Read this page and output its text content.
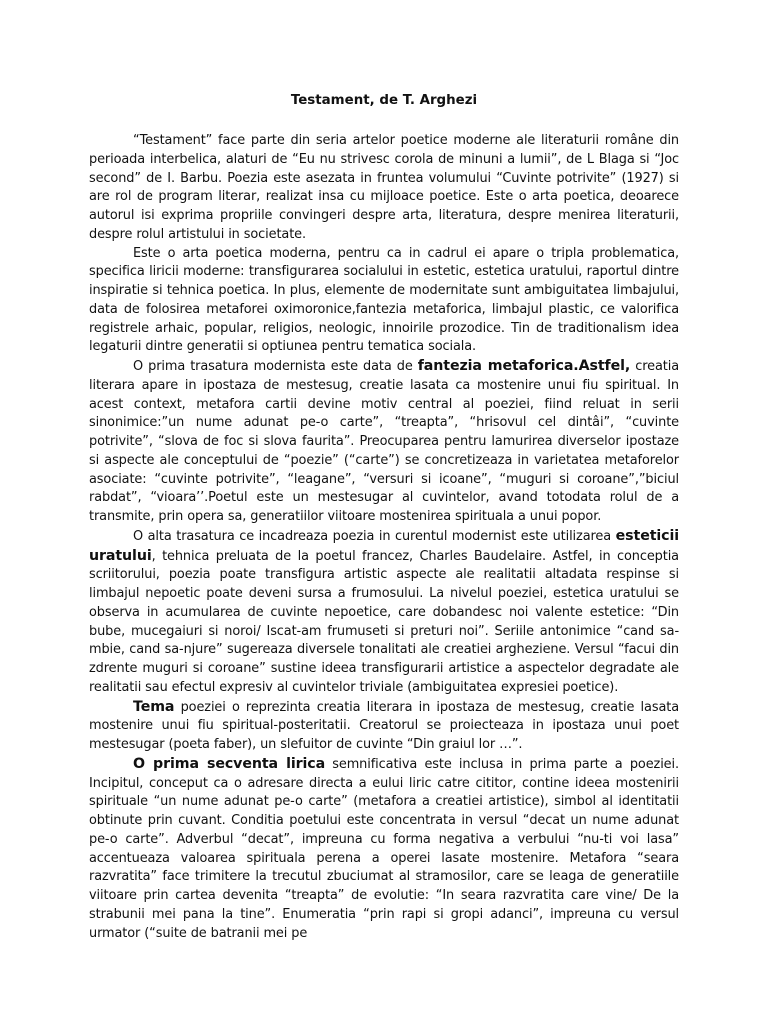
Testament, de T. Arghezi

“Testament” face parte din seria artelor poetice moderne ale literaturii române din perioada interbelica, alaturi de “Eu nu strivesc corola de minuni a lumii”, de L Blaga si “Joc second” de I. Barbu. Poezia este asezata in fruntea volumului “Cuvinte potrivite” (1927) si are rol de program literar, realizat insa cu mijloace poetice. Este o arta poetica, deoarece autorul isi exprima propriile convingeri despre arta, literatura, despre menirea literaturii, despre rolul artistului in societate.

Este o arta poetica moderna, pentru ca in cadrul ei apare o tripla problematica, specifica liricii moderne: transfigurarea socialului in estetic, estetica uratului, raportul dintre inspiratie si tehnica poetica. In plus, elemente de modernitate sunt ambiguitatea limbajului, data de folosirea metaforei oximoronice,fantezia metaforica, limbajul plastic, ce valorifica registrele arhaic, popular, religios, neologic, innoirile prozodice. Tin de traditionalism idea legaturii dintre generatii si optiunea pentru tematica sociala.

O prima trasatura modernista este data de fantezia metaforica.Astfel, creatia literara apare in ipostaza de mestesug, creatie lasata ca mostenire unui fiu spiritual. In acest context, metafora cartii devine motiv central al poeziei, fiind reluat in serii sinonimice:”un nume adunat pe-o carte”, “treapta”, “hrisovul cel dintâi”, “cuvinte potrivite”, “slova de foc si slova faurita”. Preocuparea pentru lamurirea diverselor ipostaze si aspecte ale conceptului de “poezie” (“carte”) se concretizeaza in varietatea metaforelor asociate: “cuvinte potrivite”, “leagane”, “versuri si icoane”, “muguri si coroane”,”biciul rabdat”, “vioara’’.Poetul este un mestesugar al cuvintelor, avand totodata rolul de a transmite, prin opera sa, generatiilor viitoare mostenirea spirituala a unui popor.

O alta trasatura ce incadreaza poezia in curentul modernist este utilizarea esteticii uratului, tehnica preluata de la poetul francez, Charles Baudelaire. Astfel, in conceptia scriitorului, poezia poate transfigura artistic aspecte ale realitatii altadata respinse si limbajul nepoetic poate deveni sursa a frumosului. La nivelul poeziei, estetica uratului se observa in acumularea de cuvinte nepoetice, care dobandesc noi valente estetice: “Din bube, mucegaiuri si noroi/ Iscat-am frumuseti si preturi noi”. Seriile antonimice “cand sa-mbie, cand sa-njure” sugereaza diversele tonalitati ale creatiei argheziene. Versul “facui din zdrente muguri si coroane” sustine ideea transfigurarii artistice a aspectelor degradate ale realitatii sau efectul expresiv al cuvintelor triviale (ambiguitatea expresiei poetice).

Tema poeziei o reprezinta creatia literara in ipostaza de mestesug, creatie lasata mostenire unui fiu spiritual-posteritatii. Creatorul se proiecteaza in ipostaza unui poet mestesugar (poeta faber), un slefuitor de cuvinte “Din graiul lor …”.

O prima secventa lirica semnificativa este inclusa in prima parte a poeziei. Incipitul, conceput ca o adresare directa a eului liric catre cititor, contine ideea mostenirii spirituale “un nume adunat pe-o carte” (metafora a creatiei artistice), simbol al identitatii obtinute prin cuvant. Conditia poetului este concentrata in versul “decat un nume adunat pe-o carte”. Adverbul “decat”, impreuna cu forma negativa a verbului “nu-ti voi lasa” accentueaza valoarea spirituala perena a operei lasate mostenire. Metafora “seara razvratita” face trimitere la trecutul zbuciumat al stramosilor, care se leaga de generatiile viitoare prin cartea devenita “treapta” de evolutie: “In seara razvratita care vine/ De la strabunii mei pana la tine”. Enumeratia “prin rapi si gropi adanci”, impreuna cu versul urmator (“suite de batranii mei pe
